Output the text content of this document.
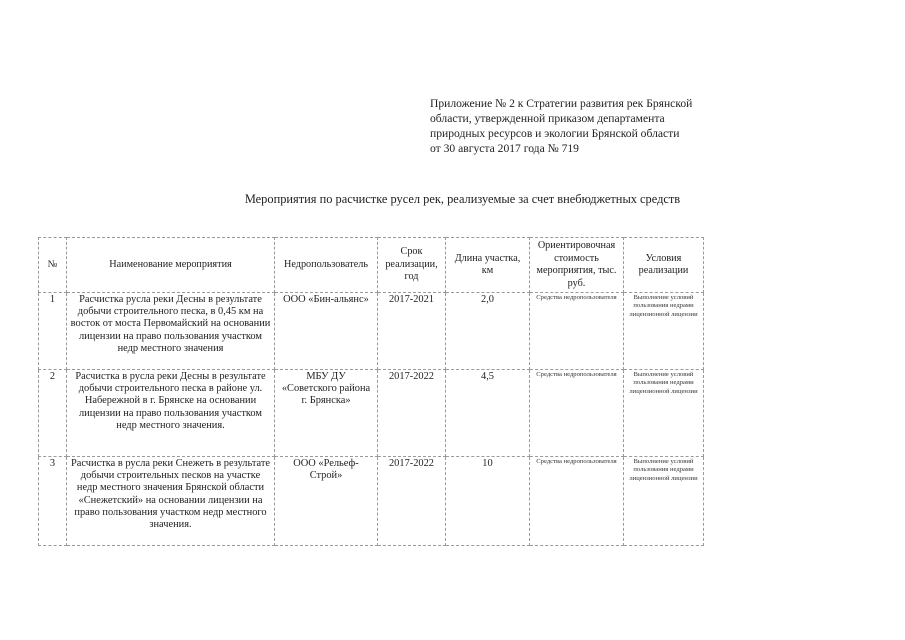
Приложение № 2 к Стратегии развития рек Брянской
области, утвержденной приказом департамента
природных ресурсов и экологии Брянской области
от 30 августа 2017 года № 719
Мероприятия по расчистке русел рек, реализуемые за счет внебюджетных средств
№	Наименование мероприятия	Недропользователь	Срок реализации, год	Длина участка, км	Ориентировочная стоимость мероприятия, тыс. руб.	Условия реализации
1	Расчистка русла реки Десны в результате добычи строительного песка, в 0,45 км на восток от моста Первомайский на основании лицензии на право пользования участком недр местного значения	ООО «Бин-альянс»	2017-2021	2,0	Средства недропользователя	Выполнение условий пользования недрами лицензионной лицензии
2	Расчистка в русла реки Десны в результате добычи строительного песка в районе ул. Набережной в г. Брянске на основании лицензии на право пользования участком недр местного значения.	МБУ ДУ «Советского района г. Брянска»	2017-2022	4,5	Средства недропользователя	Выполнение условий пользования недрами лицензионной лицензии
3	Расчистка в русла реки Снежеть в результате добычи строительных песков на участке недр местного значения Брянской области «Снежетский» на основании лицензии на право пользования участком недр местного значения.	ООО «Рельеф-Строй»	2017-2022	10	Средства недропользователя	Выполнение условий пользования недрами лицензионной лицензии
